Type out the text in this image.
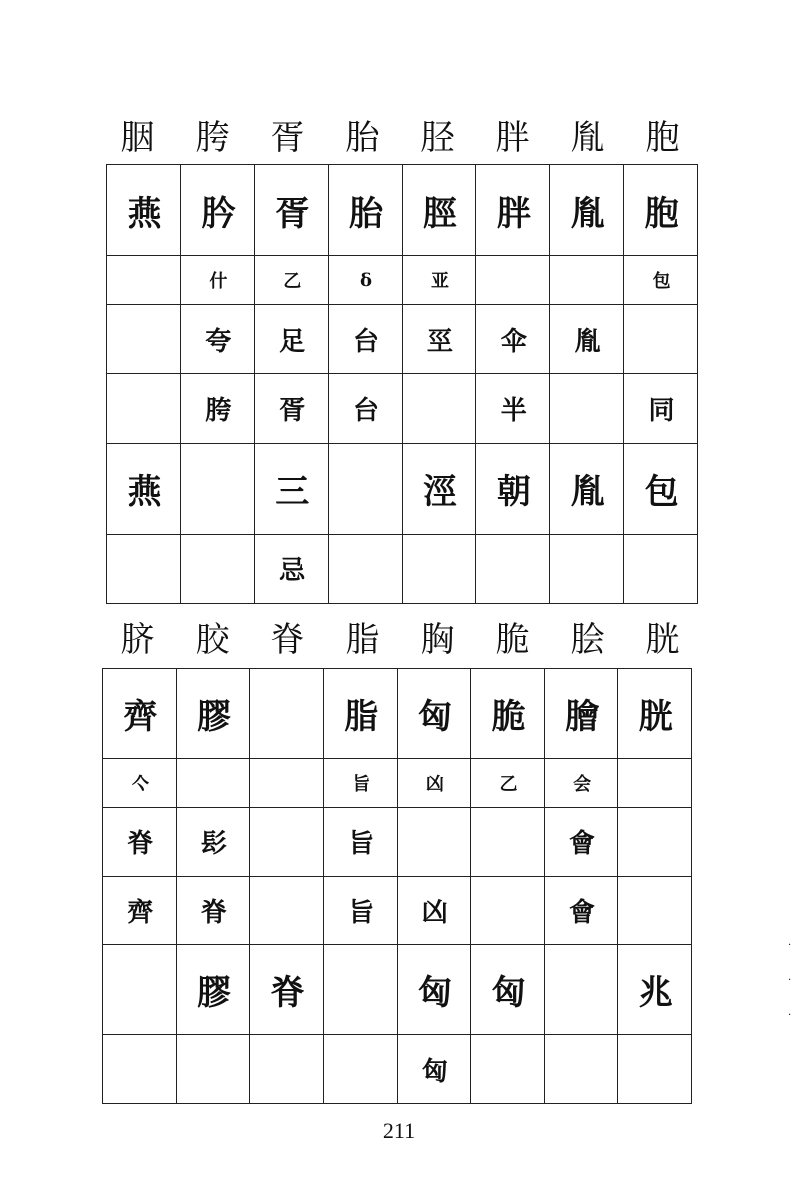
胭	胯	胥	胎	胫	胖	胤	胞
燕	肣	胥	胎	脛	胖	胤	胞
	什	乙	δ	亚			包
	夸	足	台	巠	伞	胤	
	胯	胥	台		半		同
燕		三		涇	朝	胤	包
		忌					
脐	胶	脊	脂	胸	脆	脍	胱
齊	膠		脂	匈	脆	膾	胱
亽			旨	凶	乙	会	
脊	髟		旨			會	
齊	脊		旨	凶		會	
	膠	脊		匈	匈		兆
				匈			
211
·
·
·
